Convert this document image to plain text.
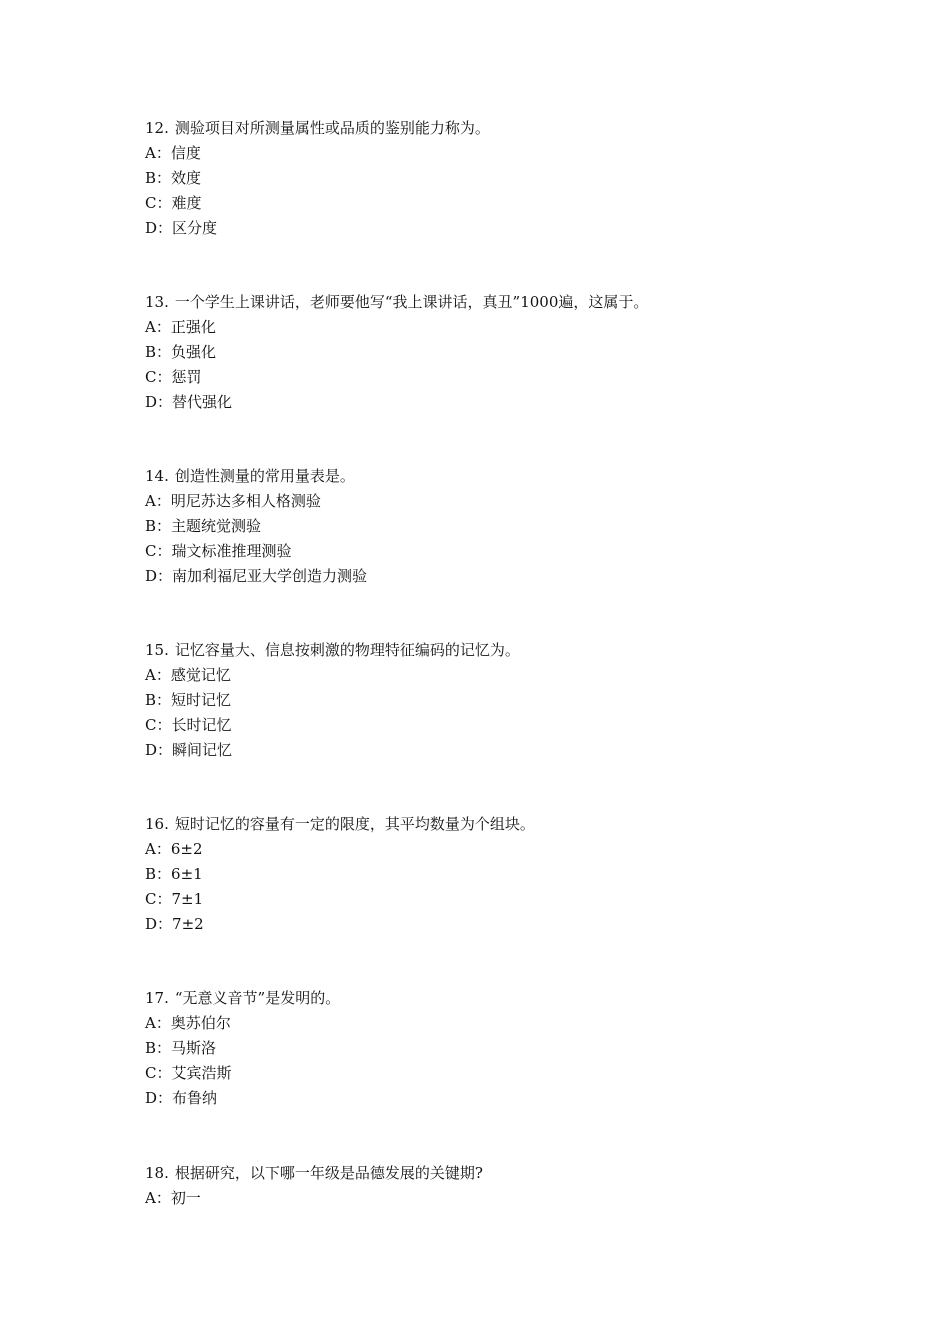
12. 测验项目对所测量属性或品质的鉴别能力称为。
A：信度
B：效度
C：难度
D：区分度
13. 一个学生上课讲话，老师要他写“我上课讲话，真丑”1000遍，这属于。
A：正强化
B：负强化
C：惩罚
D：替代强化
14. 创造性测量的常用量表是。
A：明尼苏达多相人格测验
B：主题统觉测验
C：瑞文标准推理测验
D：南加利福尼亚大学创造力测验
15. 记忆容量大、信息按刺激的物理特征编码的记忆为。
A：感觉记忆
B：短时记忆
C：长时记忆
D：瞬间记忆
16. 短时记忆的容量有一定的限度，其平均数量为个组块。
A：6±2
B：6±1
C：7±1
D：7±2
17. “无意义音节”是发明的。
A：奥苏伯尔
B：马斯洛
C：艾宾浩斯
D：布鲁纳
18. 根据研究，以下哪一年级是品德发展的关键期?
A：初一
